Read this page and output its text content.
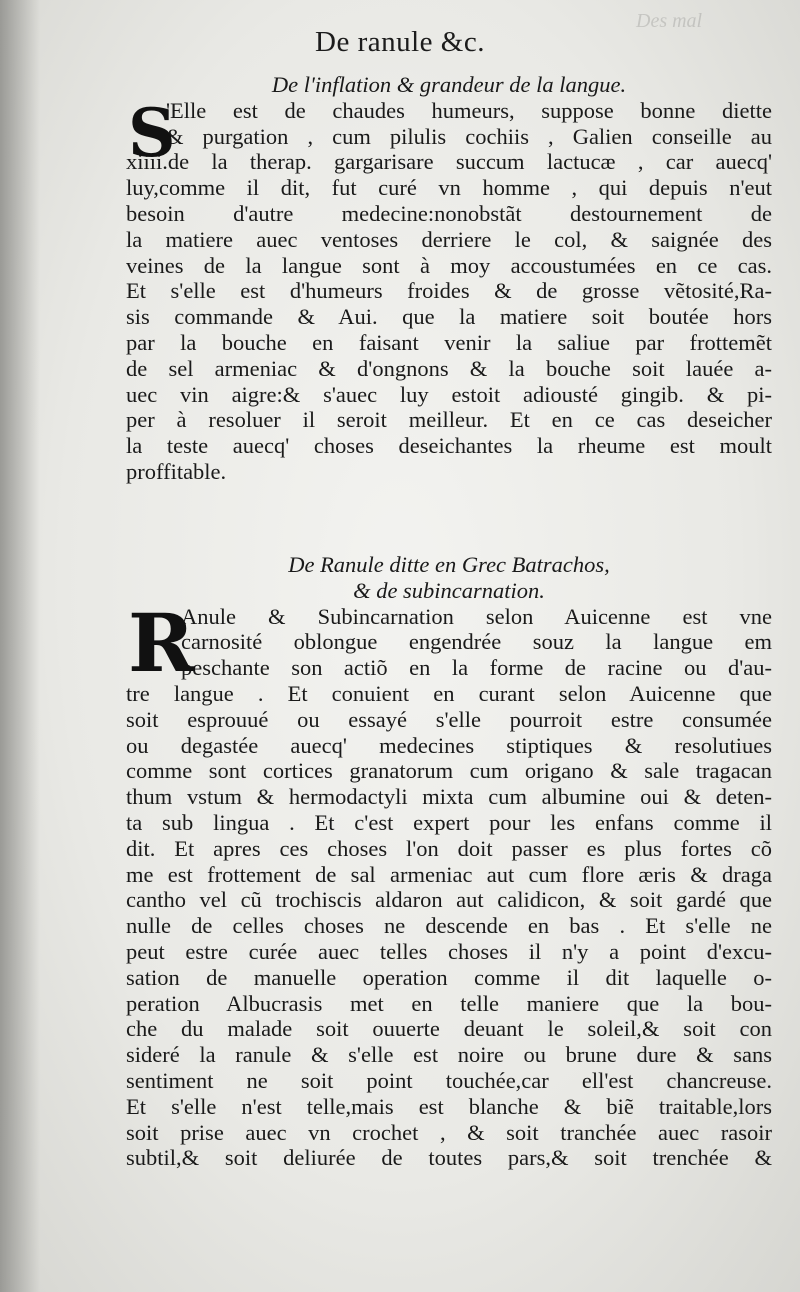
Des mal
De ranule &c.
De l'inflation & grandeur de la langue.
'Elle est de chaudes humeurs, suppose bonne diette
& purgation , cum pilulis cochiis , Galien conseille au
xiiii.de la therap. gargarisare succum lactucæ , car auecq'
luy,comme il dit, fut curé vn homme , qui depuis n'eut
besoin d'autre medecine:nonobstãt destournement de
la matiere auec ventoses derriere le col, & saignée des
veines de la langue sont à moy accoustumées en ce cas.
Et s'elle est d'humeurs froides & de grosse vẽtosité,Ra-
sis commande & Aui. que la matiere soit boutée hors
par la bouche en faisant venir la saliue par frottemẽt
de sel armeniac & d'ongnons & la bouche soit lauée a-
uec vin aigre:& s'auec luy estoit adiousté gingib. & pi-
per à resoluer il seroit meilleur. Et en ce cas deseicher
la teste auecq' choses deseichantes la rheume est moult
proffitable.
S
De Ranule ditte en Grec Batrachos,
& de subincarnation.
Anule & Subincarnation selon Auicenne est vne
carnosité oblongue engendrée souz la langue em
peschante son actiõ en la forme de racine ou d'au-
tre langue . Et conuient en curant selon Auicenne que
soit esprouué ou essayé s'elle pourroit estre consumée
ou degastée auecq' medecines stiptiques & resolutiues
comme sont cortices granatorum cum origano & sale tragacan
thum vstum & hermodactyli mixta cum albumine oui & deten-
ta sub lingua . Et c'est expert pour les enfans comme il
dit. Et apres ces choses l'on doit passer es plus fortes cõ
me est frottement de sal armeniac aut cum flore æris & draga
cantho vel cũ trochiscis aldaron aut calidicon, & soit gardé que
nulle de celles choses ne descende en bas . Et s'elle ne
peut estre curée auec telles choses il n'y a point d'excu-
sation de manuelle operation comme il dit laquelle o-
peration Albucrasis met en telle maniere que la bou-
che du malade soit ouuerte deuant le soleil,& soit con
sideré la ranule & s'elle est noire ou brune dure & sans
sentiment ne soit point touchée,car ell'est chancreuse.
Et s'elle n'est telle,mais est blanche & biẽ traitable,lors
soit prise auec vn crochet , & soit tranchée auec rasoir
subtil,& soit deliurée de toutes pars,& soit trenchée &
R
